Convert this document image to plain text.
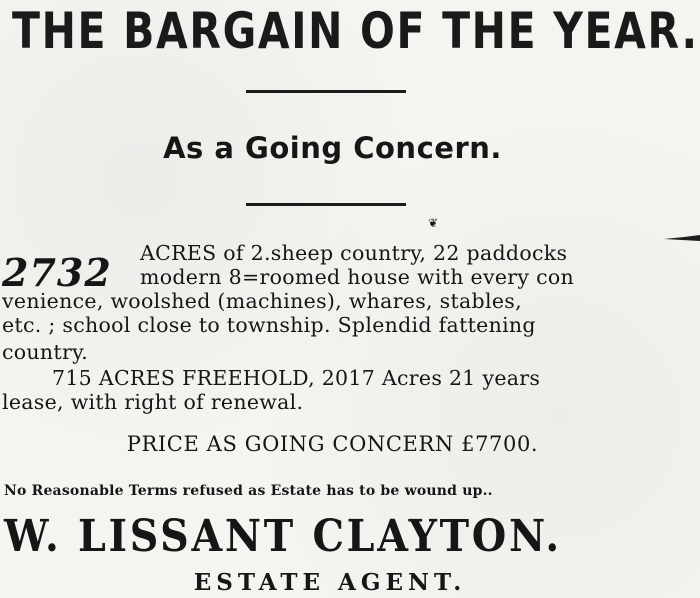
THE BARGAIN OF THE YEAR.
As a Going Concern.
❦
2732 ACRES of 2.sheep country, 22 paddocks
modern 8=roomed house with every con
venience, woolshed (machines), whares, stables,
etc. ; school close to township. Splendid fattening
country.
715 ACRES FREEHOLD, 2017 Acres 21 years
lease, with right of renewal.
PRICE AS GOING CONCERN £7700.
No Reasonable Terms refused as Estate has to be wound up..
W. LISSANT CLAYTON.
ESTATE AGENT.
